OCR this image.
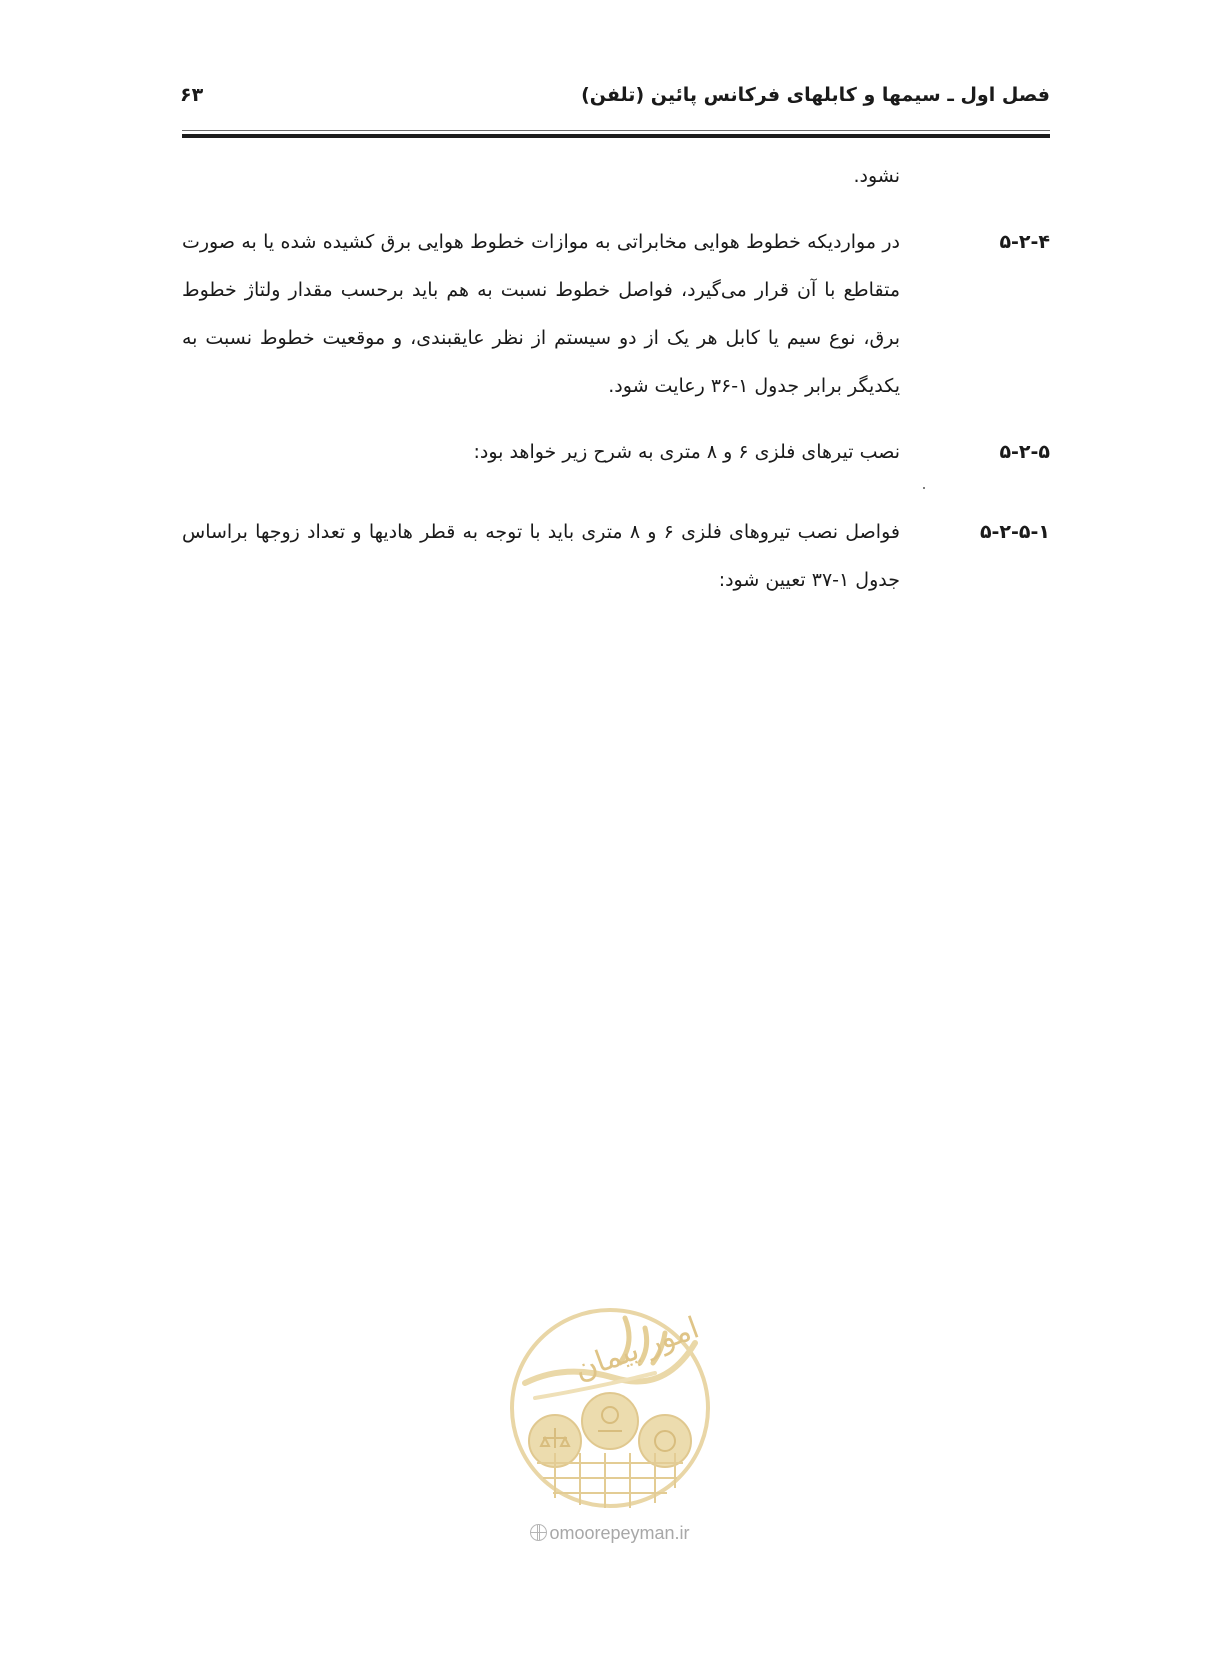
فصل اول ـ سیمها و کابلهای فرکانس پائین (تلفن)
۶۳
نشود.
۵-۲-۴
در مواردیکه خطوط هوایی مخابراتی به موازات خطوط هوایی برق کشیده شده یا به صورت متقاطع با آن قرار می‌گیرد، فواصل خطوط نسبت به هم باید برحسب مقدار ولتاژ خطوط برق، نوع سیم یا کابل هر یک از دو سیستم از نظر عایقبندی، و موقعیت خطوط نسبت به یکدیگر برابر جدول ۱-۳۶ رعایت شود.
۵-۲-۵
نصب تیرهای فلزی ۶ و ۸ متری به شرح زیر خواهد بود:
۵-۲-۵-۱
فواصل نصب تیروهای فلزی ۶ و ۸ متری باید با توجه به قطر هادیها و تعداد زوجها براساس جدول ۱-۳۷ تعیین شود:
امور پیمان
omoorepeyman.ir
